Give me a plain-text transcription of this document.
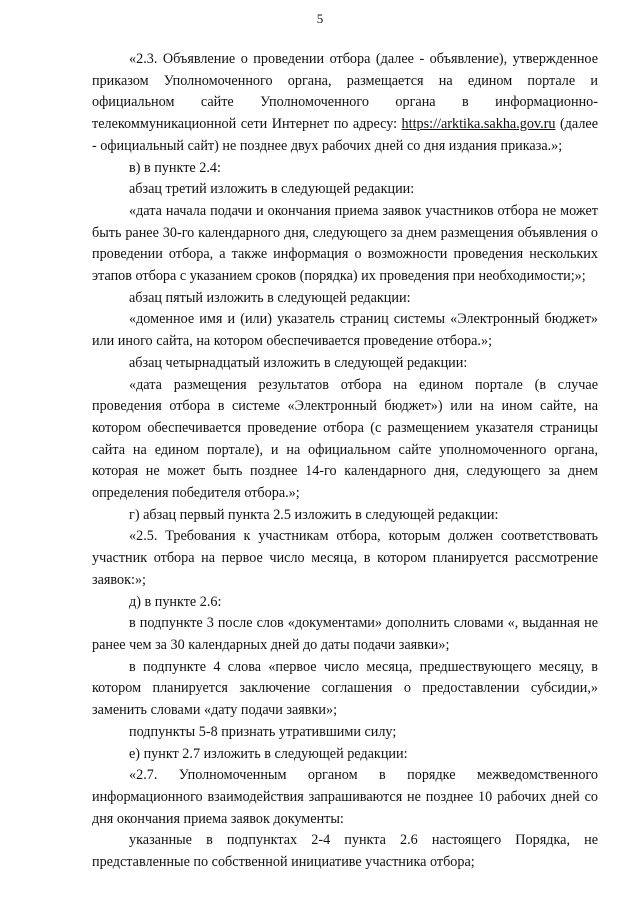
5

«2.3. Объявление о проведении отбора (далее - объявление), утвержденное приказом Уполномоченного органа, размещается на едином портале и официальном сайте Уполномоченного органа в информационно-телекоммуникационной сети Интернет по адресу: https://arktika.sakha.gov.ru (далее - официальный сайт) не позднее двух рабочих дней со дня издания приказа.»;

в) в пункте 2.4:

абзац третий изложить в следующей редакции:

«дата начала подачи и окончания приема заявок участников отбора не может быть ранее 30-го календарного дня, следующего за днем размещения объявления о проведении отбора, а также информация о возможности проведения нескольких этапов отбора с указанием сроков (порядка) их проведения при необходимости;»;

абзац пятый изложить в следующей редакции:

«доменное имя и (или) указатель страниц системы «Электронный бюджет» или иного сайта, на котором обеспечивается проведение отбора.»;

абзац четырнадцатый изложить в следующей редакции:

«дата размещения результатов отбора на едином портале (в случае проведения отбора в системе «Электронный бюджет») или на ином сайте, на котором обеспечивается проведение отбора (с размещением указателя страницы сайта на едином портале), и на официальном сайте уполномоченного органа, которая не может быть позднее 14-го календарного дня, следующего за днем определения победителя отбора.»;

г) абзац первый пункта 2.5 изложить в следующей редакции:

«2.5. Требования к участникам отбора, которым должен соответствовать участник отбора на первое число месяца, в котором планируется рассмотрение заявок:»;

д) в пункте 2.6:

в подпункте 3 после слов «документами» дополнить словами «, выданная не ранее чем за 30 календарных дней до даты подачи заявки»;

в подпункте 4 слова «первое число месяца, предшествующего месяцу, в котором планируется заключение соглашения о предоставлении субсидии,» заменить словами «дату подачи заявки»;

подпункты 5-8 признать утратившими силу;

е) пункт 2.7 изложить в следующей редакции:

«2.7. Уполномоченным органом в порядке межведомственного информационного взаимодействия запрашиваются не позднее 10 рабочих дней со дня окончания приема заявок документы:

указанные в подпунктах 2-4 пункта 2.6 настоящего Порядка, не представленные по собственной инициативе участника отбора;
